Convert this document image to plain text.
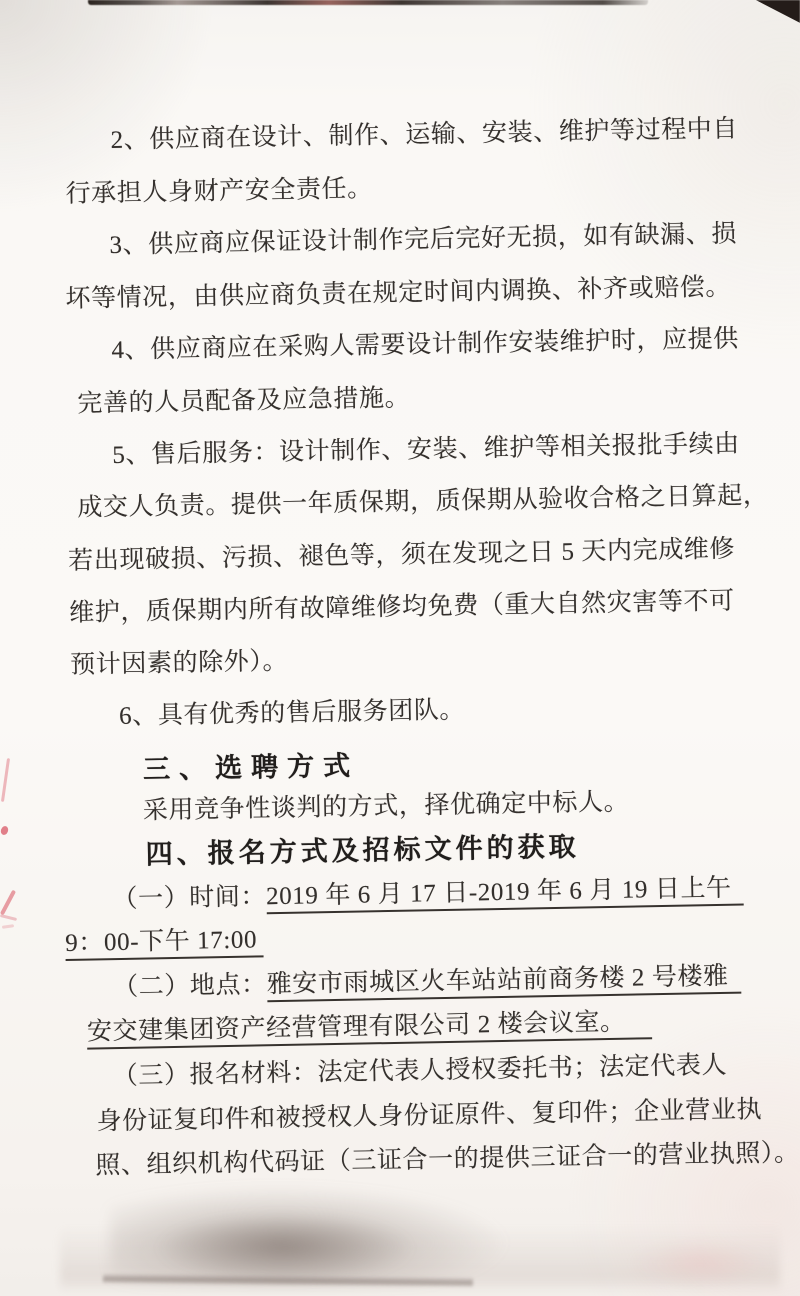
2、供应商在设计、制作、运输、安装、维护等过程中自
行承担人身财产安全责任。
3、供应商应保证设计制作完后完好无损，如有缺漏、损
坏等情况，由供应商负责在规定时间内调换、补齐或赔偿。
4、供应商应在采购人需要设计制作安装维护时，应提供
完善的人员配备及应急措施。
5、售后服务：设计制作、安装、维护等相关报批手续由
成交人负责。提供一年质保期，质保期从验收合格之日算起，
若出现破损、污损、褪色等，须在发现之日 5 天内完成维修
维护，质保期内所有故障维修均免费（重大自然灾害等不可
预计因素的除外）。
6、具有优秀的售后服务团队。
三、选聘方式
采用竞争性谈判的方式，择优确定中标人。
四、报名方式及招标文件的获取
（一）时间：2019 年 6 月 17 日-2019 年 6 月 19 日上午
9：00-下午 17:00
（二）地点：雅安市雨城区火车站站前商务楼 2 号楼雅
安交建集团资产经营管理有限公司 2 楼会议室。
（三）报名材料：法定代表人授权委托书；法定代表人
身份证复印件和被授权人身份证原件、复印件；企业营业执
照、组织机构代码证（三证合一的提供三证合一的营业执照）。
